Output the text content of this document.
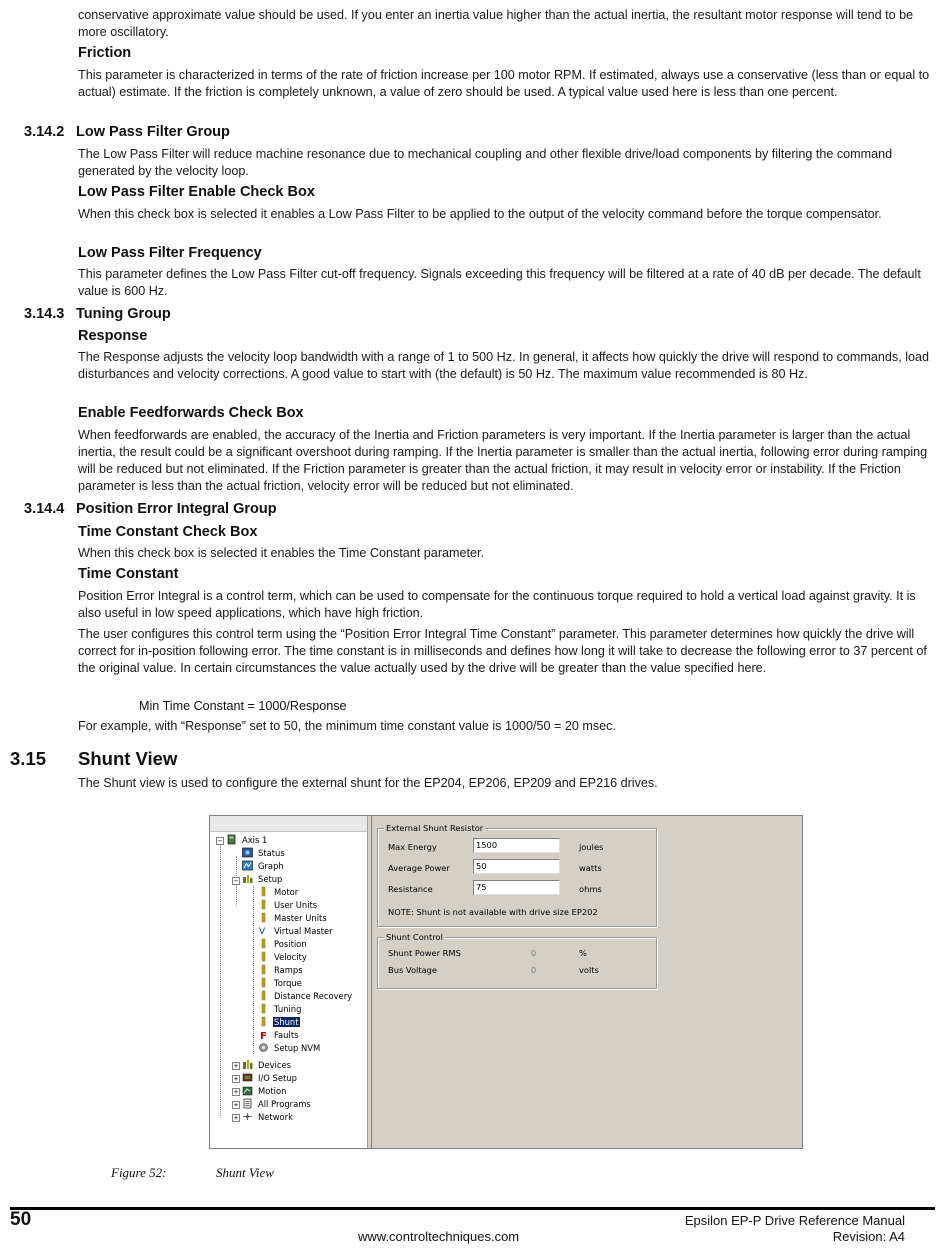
conservative approximate value should be used. If you enter an inertia value higher than the actual inertia, the resultant motor response will tend to be more oscillatory.
Friction
This parameter is characterized in terms of the rate of friction increase per 100 motor RPM. If estimated, always use a conservative (less than or equal to actual) estimate. If the friction is completely unknown, a value of zero should be used. A typical value used here is less than one percent.
3.14.2 Low Pass Filter Group
The Low Pass Filter will reduce machine resonance due to mechanical coupling and other flexible drive/load components by filtering the command generated by the velocity loop.
Low Pass Filter Enable Check Box
When this check box is selected it enables a Low Pass Filter to be applied to the output of the velocity command before the torque compensator.
Low Pass Filter Frequency
This parameter defines the Low Pass Filter cut-off frequency. Signals exceeding this frequency will be filtered at a rate of 40 dB per decade. The default value is 600 Hz.
3.14.3 Tuning Group
Response
The Response adjusts the velocity loop bandwidth with a range of 1 to 500 Hz. In general, it affects how quickly the drive will respond to commands, load disturbances and velocity corrections. A good value to start with (the default) is 50 Hz. The maximum value recommended is 80 Hz.
Enable Feedforwards Check Box
When feedforwards are enabled, the accuracy of the Inertia and Friction parameters is very important. If the Inertia parameter is larger than the actual inertia, the result could be a significant overshoot during ramping. If the Inertia parameter is smaller than the actual inertia, following error during ramping will be reduced but not eliminated. If the Friction parameter is greater than the actual friction, it may result in velocity error or instability. If the Friction parameter is less than the actual friction, velocity error will be reduced but not eliminated.
3.14.4 Position Error Integral Group
Time Constant Check Box
When this check box is selected it enables the Time Constant parameter.
Time Constant
Position Error Integral is a control term, which can be used to compensate for the continuous torque required to hold a vertical load against gravity. It is also useful in low speed applications, which have high friction.
The user configures this control term using the “Position Error Integral Time Constant” parameter. This parameter determines how quickly the drive will correct for in-position following error. The time constant is in milliseconds and defines how long it will take to decrease the following error to 37 percent of the original value. In certain circumstances the value actually used by the drive will be greater than the value specified here.
Min Time Constant = 1000/Response
For example, with “Response” set to 50, the minimum time constant value is 1000/50 = 20 msec.
3.15 Shunt View
The Shunt view is used to configure the external shunt for the EP204, EP206, EP209 and EP216 drives.
−
−
+
+
+
+
+
Axis 1
Status
Graph
Setup
Motor
User Units
Master Units
V Virtual Master
Position
Velocity
Ramps
Torque
Distance Recovery
Tuning
Shunt
F Faults
Setup NVM
Devices
I/O Setup
Motion
All Programs
Network
External Shunt Resistor
Max Energy	1500	joules
Average Power	50	watts
Resistance	75	ohms
NOTE: Shunt is not available with drive size EP202
Shunt Control
Shunt Power RMS	0	%
Bus Voltage	0	volts
Figure 52:	Shunt View
50	Epsilon EP-P Drive Reference Manual
www.controltechniques.com	Revision: A4
